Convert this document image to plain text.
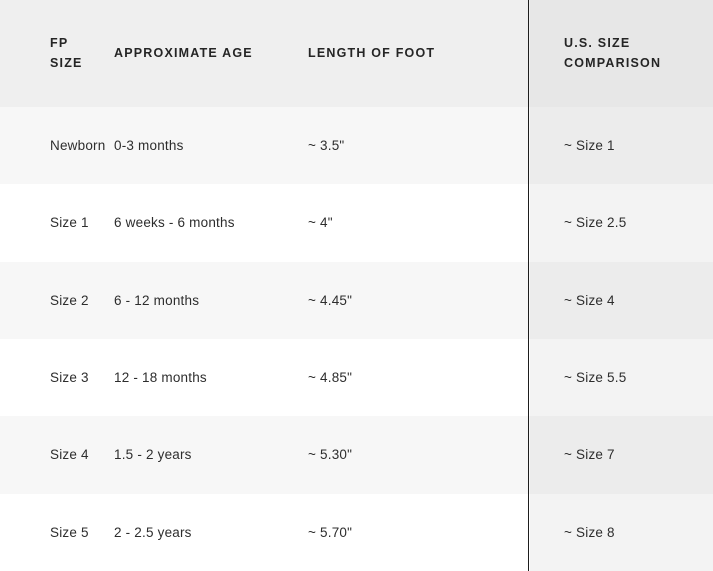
FP SIZE	APPROXIMATE AGE	LENGTH OF FOOT	U.S. SIZE COMPARISON

Newborn	0-3 months	~ 3.5"	~ Size 1

Size 1	6 weeks - 6 months	~ 4"	~ Size 2.5

Size 2	6 - 12 months	~ 4.45"	~ Size 4

Size 3	12 - 18 months	~ 4.85"	~ Size 5.5

Size 4	1.5 - 2 years	~ 5.30"	~ Size 7

Size 5	2 - 2.5 years	~ 5.70"	~ Size 8
